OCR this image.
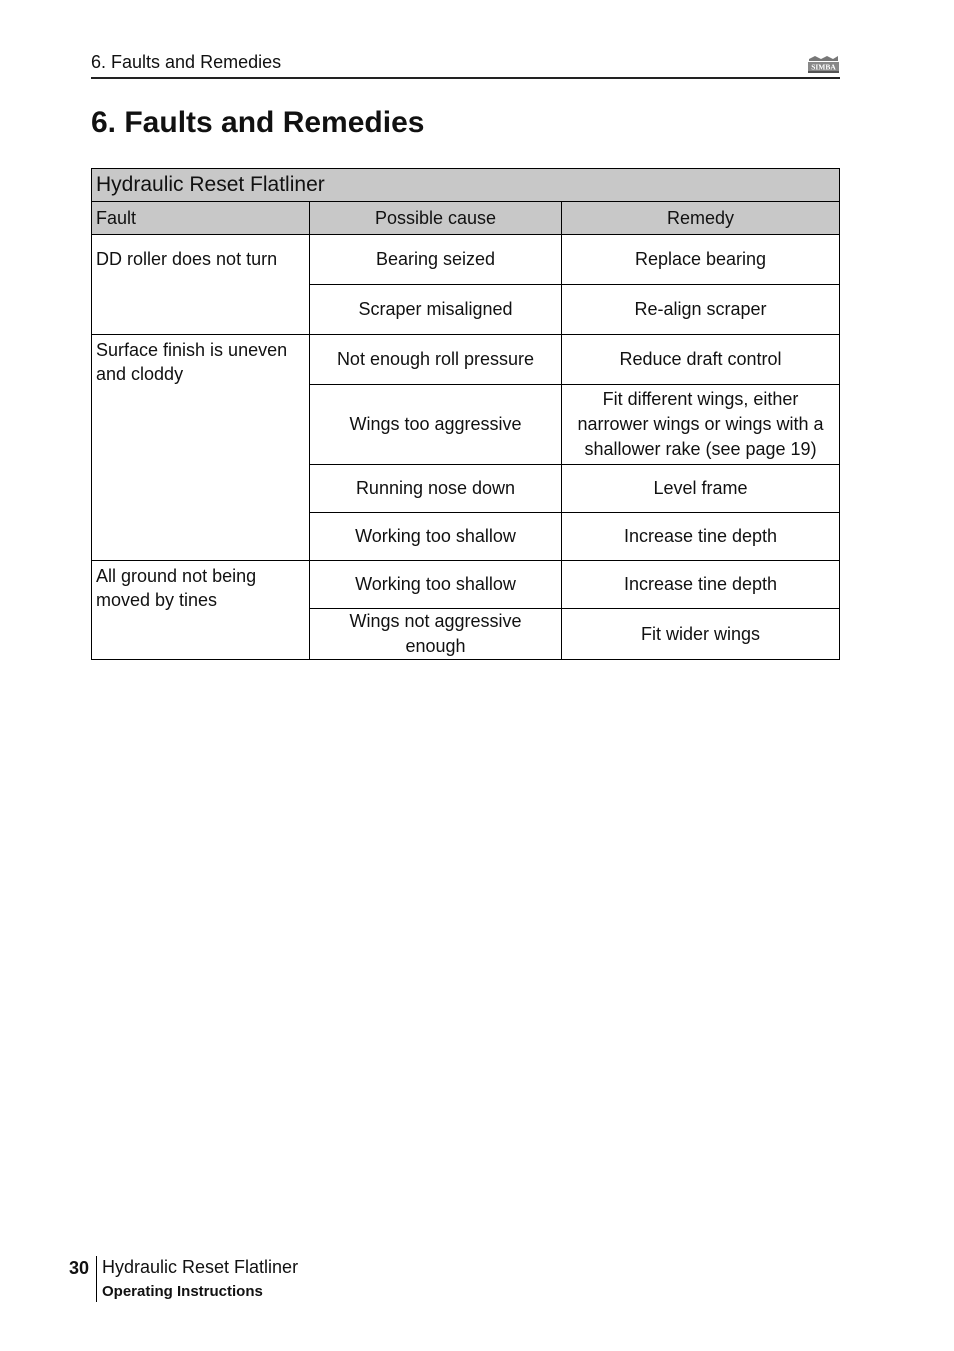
6. Faults and Remedies	SIMBA
6. Faults and Remedies
Hydraulic Reset Flatliner		
Fault	Possible cause	Remedy
DD roller does not turn	Bearing seized	Replace bearing
	Scraper misaligned	Re-align scraper
Surface finish is uneven and cloddy	Not enough roll pressure	Reduce draft control
	Wings too aggressive	Fit different wings, either narrower wings or wings with a shallower rake (see page 19)
	Running nose down	Level frame
	Working too shallow	Increase tine depth
All ground not being moved by tines	Working too shallow	Increase tine depth
	Wings not aggressive enough	Fit wider wings
30 Hydraulic Reset Flatliner
Operating Instructions
